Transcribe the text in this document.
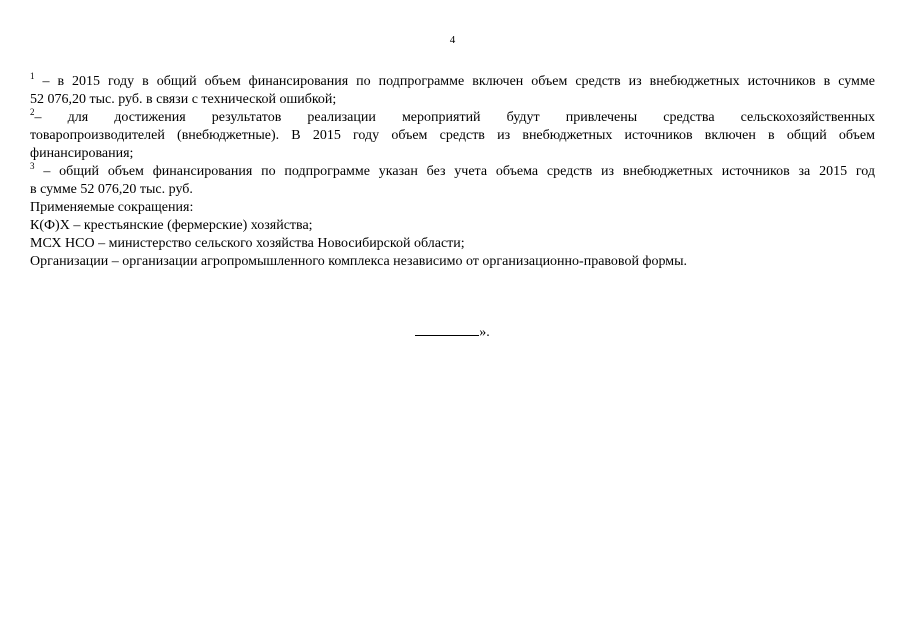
4
$^1$ – в 2015 году в общий объем финансирования по подпрограмме включен объем средств из внебюджетных источников в сумме
52 076,20 тыс. руб. в связи с технической ошибкой;
$^2$– для достижения результатов реализации мероприятий будут привлечены средства сельскохозяйственных
товаропроизводителей (внебюджетные). В 2015 году объем средств из внебюджетных источников включен в общий объем
финансирования;
$^3$ – общий объем финансирования по подпрограмме указан без учета объема средств из внебюджетных источников за 2015 год
в сумме 52 076,20 тыс. руб.
Применяемые сокращения:
К(Ф)Х – крестьянские (фермерские) хозяйства;
МСХ НСО – министерство сельского хозяйства Новосибирской области;
Организации – организации агропромышленного комплекса независимо от организационно-правовой формы.
».
